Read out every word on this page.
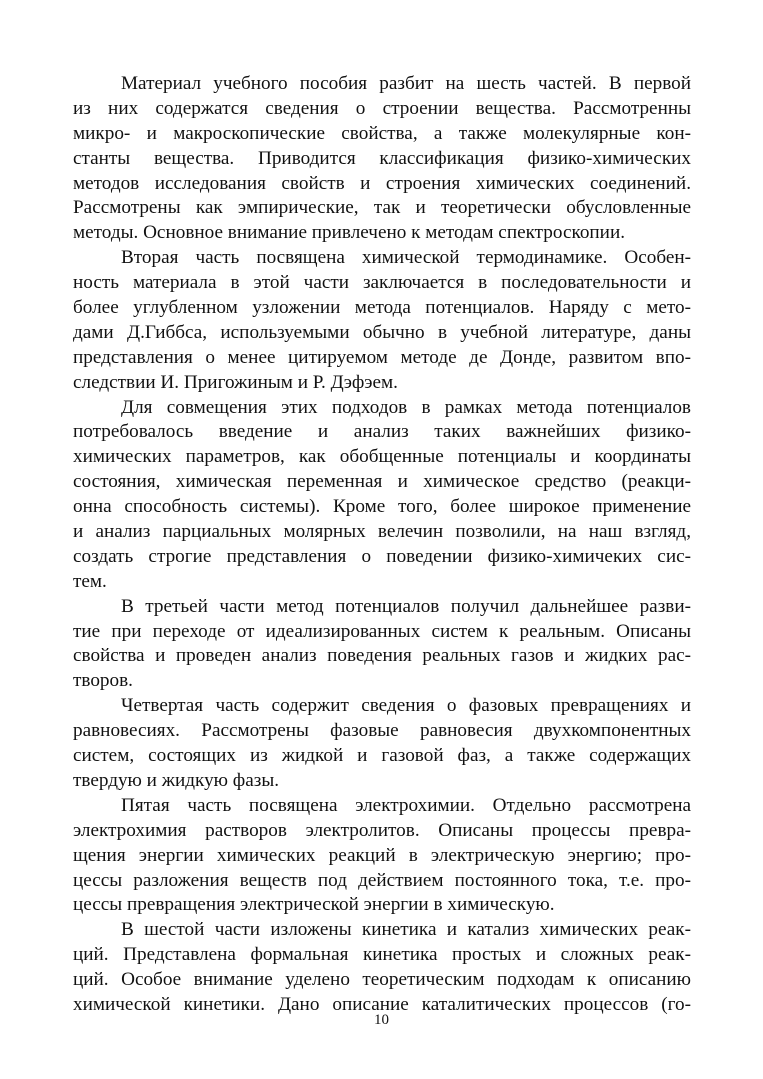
Материал учебного пособия разбит на шесть частей. В первой
из них содержатся сведения о строении вещества. Рассмотренны
микро- и макроскопические свойства, а также молекулярные кон-
станты вещества. Приводится классификация физико-химических
методов исследования свойств и строения химических соединений.
Рассмотрены как эмпирические, так и теоретически обусловленные
методы. Основное внимание привлечено к методам спектроскопии.

Вторая часть посвящена химической термодинамике. Особен-
ность материала в этой части заключается в последовательности и
более углубленном узложении метода потенциалов. Наряду с мето-
дами Д.Гиббса, используемыми обычно в учебной литературе, даны
представления о менее цитируемом методе де Донде, развитом впо-
следствии И. Пригожиным и Р. Дэфэем.

Для совмещения этих подходов в рамках метода потенциалов
потребовалось введение и анализ таких важнейших физико-
химических параметров, как обобщенные потенциалы и координаты
состояния, химическая переменная и химическое средство (реакци-
онна способность системы). Кроме того, более широкое применение
и анализ парциальных молярных велечин позволили, на наш взгляд,
создать строгие представления о поведении физико-химичеких сис-
тем.

В третьей части метод потенциалов получил дальнейшее разви-
тие при переходе от идеализированных систем к реальным. Описаны
свойства и проведен анализ поведения реальных газов и жидких рас-
творов.

Четвертая часть содержит сведения о фазовых превращениях и
равновесиях. Рассмотрены фазовые равновесия двухкомпонентных
систем, состоящих из жидкой и газовой фаз, а также содержащих
твердую и жидкую фазы.

Пятая часть посвящена электрохимии. Отдельно рассмотрена
электрохимия растворов электролитов. Описаны процессы превра-
щения энергии химических реакций в электрическую энергию; про-
цессы разложения веществ под действием постоянного тока, т.е. про-
цессы превращения электрической энергии в химическую.

В шестой части изложены кинетика и катализ химических реак-
ций. Представлена формальная кинетика простых и сложных реак-
ций. Особое внимание уделено теоретическим подходам к описанию
химической кинетики. Дано описание каталитических процессов (го-

10
